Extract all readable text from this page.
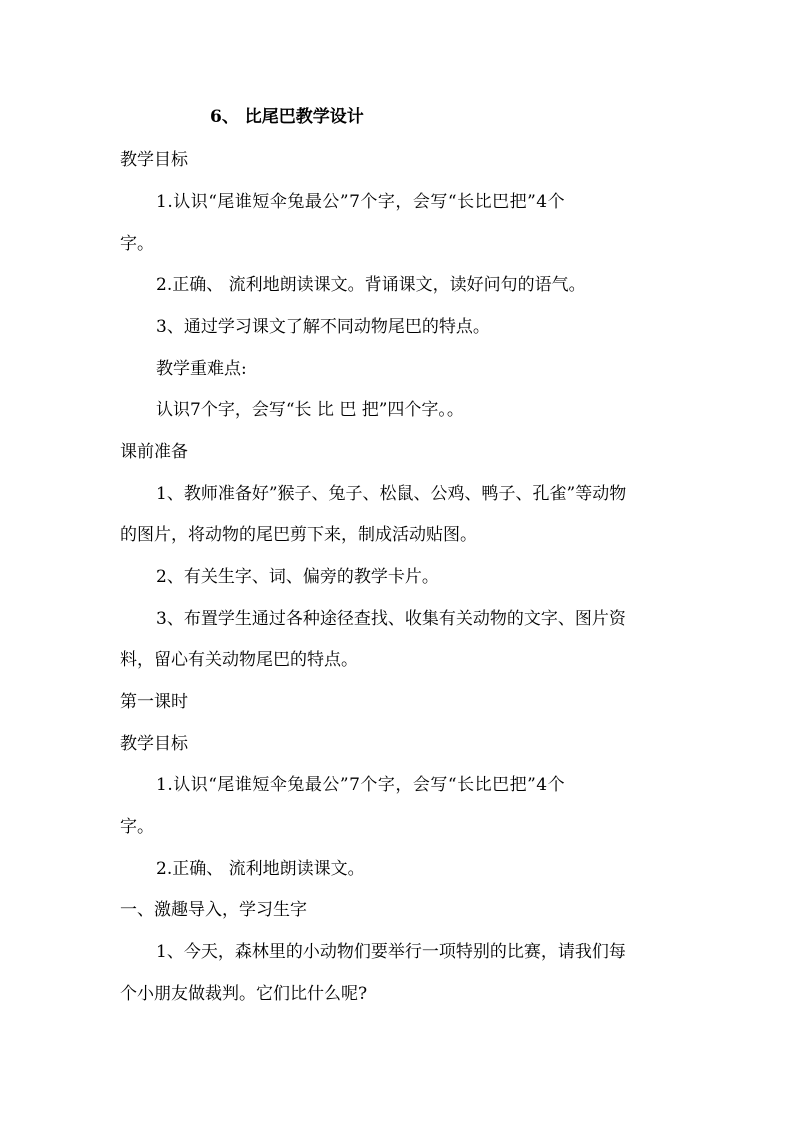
6、 比尾巴教学设计

教学目标

1.认识“尾谁短伞兔最公”7个字，会写“长比巴把”4个

字。

2.正确、 流利地朗读课文。背诵课文，读好问句的语气。

3、通过学习课文了解不同动物尾巴的特点。

教学重难点:

认识7个字，会写“长 比 巴 把”四个字。。

课前准备

1、教师准备好”猴子、兔子、松鼠、公鸡、鸭子、孔雀”等动物

的图片，将动物的尾巴剪下来，制成活动贴图。

2、有关生字、词、偏旁的教学卡片。

3、布置学生通过各种途径查找、收集有关动物的文字、图片资

料，留心有关动物尾巴的特点。

第一课时

教学目标

1.认识“尾谁短伞兔最公”7个字，会写“长比巴把”4个

字。

2.正确、 流利地朗读课文。

一、激趣导入，学习生字

1、今天，森林里的小动物们要举行一项特别的比赛，请我们每

个小朋友做裁判。它们比什么呢?
